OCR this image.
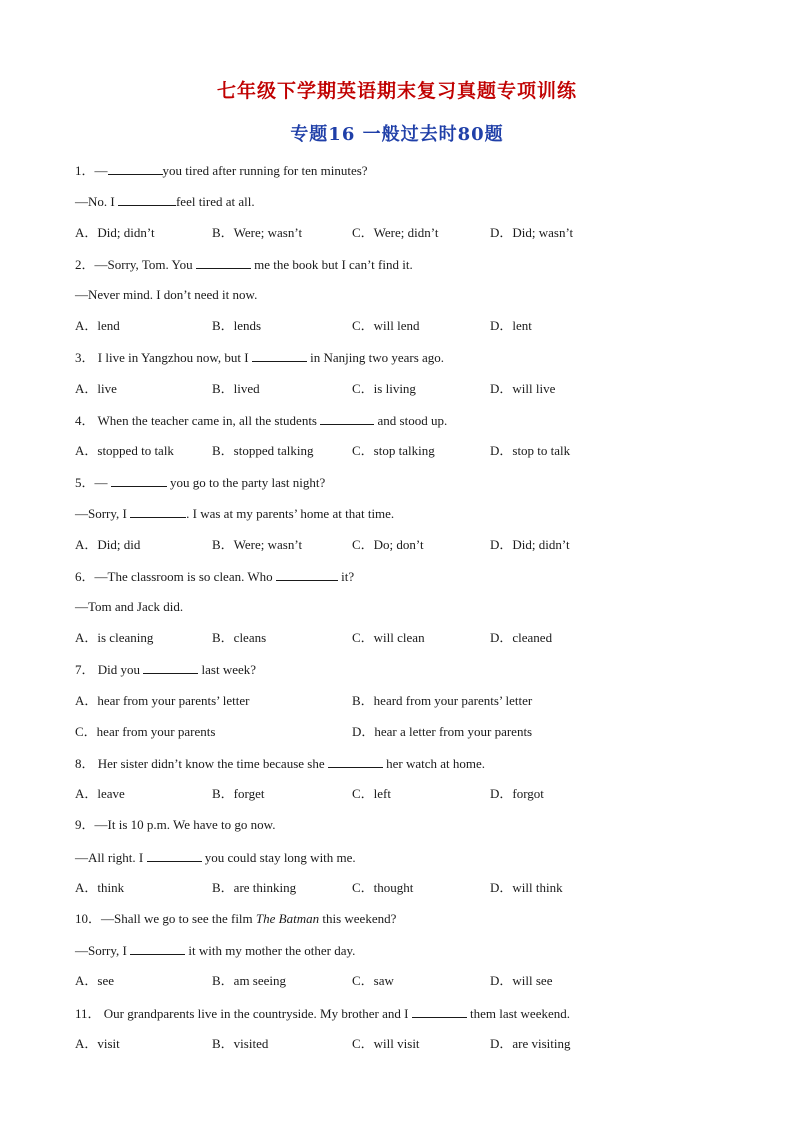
七年级下学期英语期末复习真题专项训练
专题16 一般过去时80题
1．—	you tired after running for ten minutes?
—No. I	feel tired at all.
A．Did; didn’t	B．Were; wasn’t	C．Were; didn’t	D．Did; wasn’t
2．—Sorry, Tom. You	me the book but I can’t find it.
—Never mind. I don’t need it now.
A．lend	B．lends	C．will lend	D．lent
3． I live in Yangzhou now, but I	in Nanjing two years ago.
A．live	B．lived	C．is living	D．will live
4． When the teacher came in, all the students	and stood up.
A．stopped to talk	B．stopped talking	C．stop talking	D．stop to talk
5．—	you go to the party last night?
—Sorry, I	. I was at my parents’ home at that time.
A．Did; did	B．Were; wasn’t	C．Do; don’t	D．Did; didn’t
6．—The classroom is so clean. Who	it?
—Tom and Jack did.
A．is cleaning	B．cleans	C．will clean	D．cleaned
7． Did you	last week?
A．hear from your parents’ letter	B．heard from your parents’ letter
C．hear from your parents	D．hear a letter from your parents
8． Her sister didn’t know the time because she	her watch at home.
A．leave	B．forget	C．left	D．forgot
9．—It is 10 p.m. We have to go now.
—All right. I	you could stay long with me.
A．think	B．are thinking	C．thought	D．will think
10．—Shall we go to see the film The Batman this weekend?
—Sorry, I	it with my mother the other day.
A．see	B．am seeing	C．saw	D．will see
11． Our grandparents live in the countryside. My brother and I	them last weekend.
A．visit	B．visited	C．will visit	D．are visiting
